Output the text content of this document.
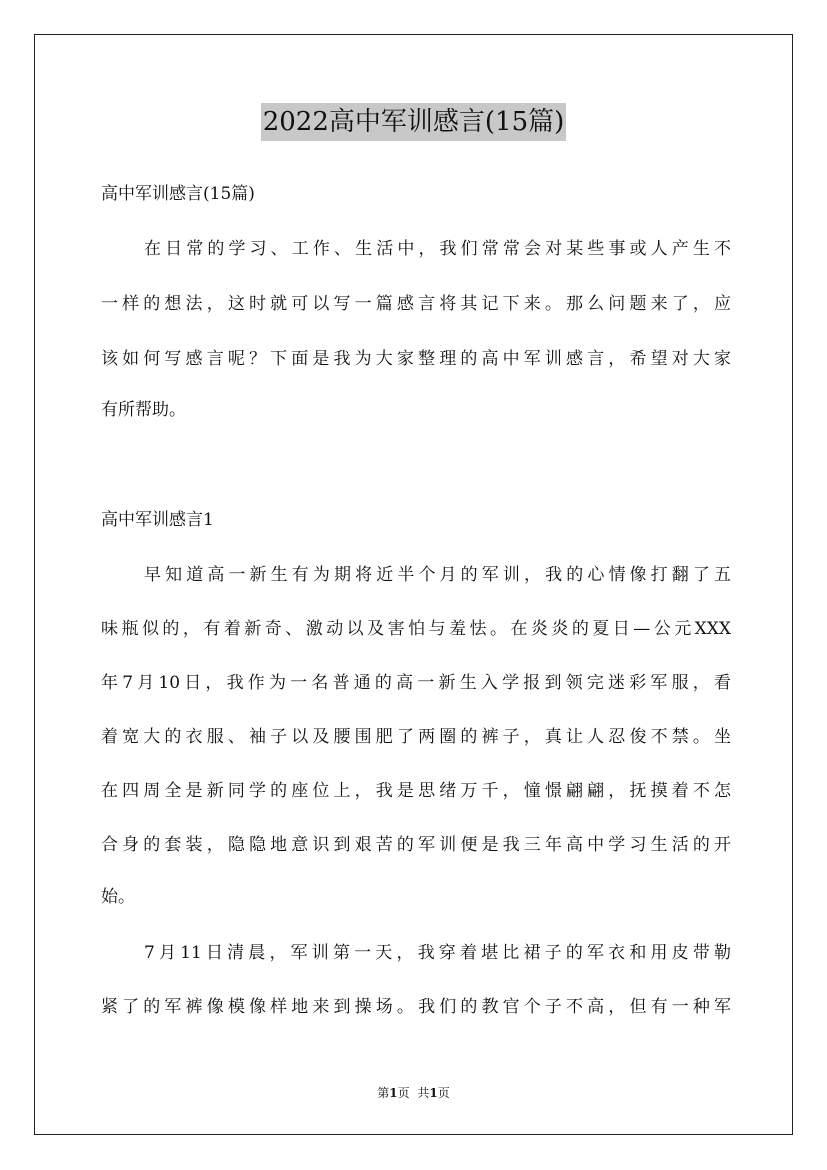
2022高中军训感言(15篇)
高中军训感言(15篇)
在日常的学习、工作、生活中，我们常常会对某些事或人产生不
一样的想法，这时就可以写一篇感言将其记下来。那么问题来了，应
该如何写感言呢？下面是我为大家整理的高中军训感言，希望对大家
有所帮助。
高中军训感言1
早知道高一新生有为期将近半个月的军训，我的心情像打翻了五
味瓶似的，有着新奇、激动以及害怕与羞怯。在炎炎的夏日—公元XXX
年7月10日，我作为一名普通的高一新生入学报到领完迷彩军服，看
着宽大的衣服、袖子以及腰围肥了两圈的裤子，真让人忍俊不禁。坐
在四周全是新同学的座位上，我是思绪万千，憧憬翩翩，抚摸着不怎
合身的套装，隐隐地意识到艰苦的军训便是我三年高中学习生活的开
始。
7月11日清晨，军训第一天，我穿着堪比裙子的军衣和用皮带勒
紧了的军裤像模像样地来到操场。我们的教官个子不高，但有一种军
第1页 共1页
